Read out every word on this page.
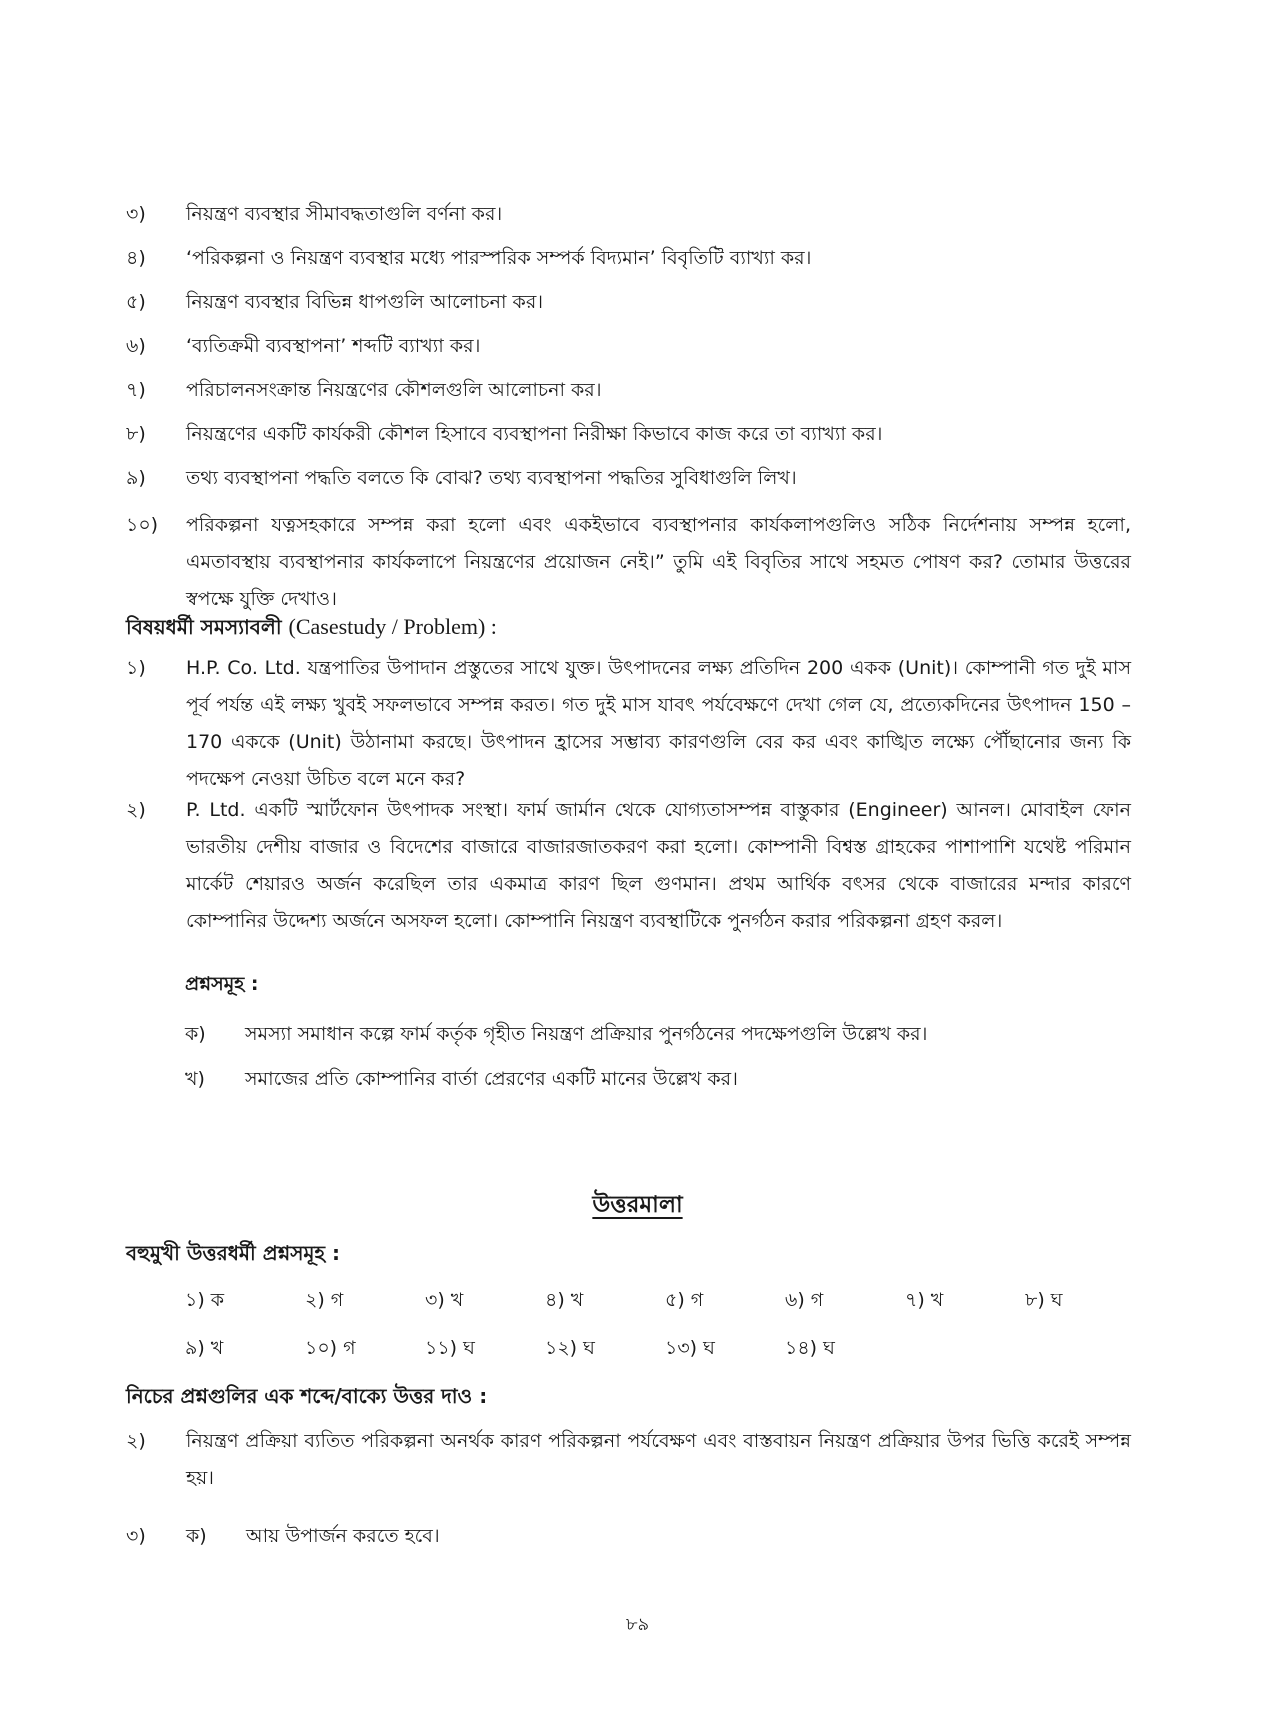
৩)	নিয়ন্ত্রণ ব্যবস্থার সীমাবদ্ধতাগুলি বর্ণনা কর।
৪)	‘পরিকল্পনা ও নিয়ন্ত্রণ ব্যবস্থার মধ্যে পারস্পরিক সম্পর্ক বিদ্যমান’ বিবৃতিটি ব্যাখ্যা কর।
৫)	নিয়ন্ত্রণ ব্যবস্থার বিভিন্ন ধাপগুলি আলোচনা কর।
৬)	‘ব্যতিক্রমী ব্যবস্থাপনা’ শব্দটি ব্যাখ্যা কর।
৭)	পরিচালনসংক্রান্ত নিয়ন্ত্রণের কৌশলগুলি আলোচনা কর।
৮)	নিয়ন্ত্রণের একটি কার্যকরী কৌশল হিসাবে ব্যবস্থাপনা নিরীক্ষা কিভাবে কাজ করে তা ব্যাখ্যা কর।
৯)	তথ্য ব্যবস্থাপনা পদ্ধতি বলতে কি বোঝ? তথ্য ব্যবস্থাপনা পদ্ধতির সুবিধাগুলি লিখ।
১০)	পরিকল্পনা যত্নসহকারে সম্পন্ন করা হলো এবং একইভাবে ব্যবস্থাপনার কার্যকলাপগুলিও সঠিক নির্দেশনায় সম্পন্ন হলো, এমতাবস্থায় ব্যবস্থাপনার কার্যকলাপে নিয়ন্ত্রণের প্রয়োজন নেই।” তুমি এই বিবৃতির সাথে সহমত পোষণ কর? তোমার উত্তরের স্বপক্ষে যুক্তি দেখাও।
বিষয়ধর্মী সমস্যাবলী (Casestudy / Problem) :
১)	H.P. Co. Ltd. যন্ত্রপাতির উপাদান প্রস্তুতের সাথে যুক্ত। উৎপাদনের লক্ষ্য প্রতিদিন 200 একক (Unit)। কোম্পানী গত দুই মাস পূর্ব পর্যন্ত এই লক্ষ্য খুবই সফলভাবে সম্পন্ন করত। গত দুই মাস যাবৎ পর্যবেক্ষণে দেখা গেল যে, প্রত্যেকদিনের উৎপাদন 150 – 170 এককে (Unit) উঠানামা করছে। উৎপাদন হ্রাসের সম্ভাব্য কারণগুলি বের কর এবং কাঙ্খিত লক্ষ্যে পৌঁছানোর জন্য কি পদক্ষেপ নেওয়া উচিত বলে মনে কর?
২)	P. Ltd. একটি স্মার্টফোন উৎপাদক সংস্থা। ফার্ম জার্মান থেকে যোগ্যতাসম্পন্ন বাস্তুকার (Engineer) আনল। মোবাইল ফোন ভারতীয় দেশীয় বাজার ও বিদেশের বাজারে বাজারজাতকরণ করা হলো। কোম্পানী বিশ্বস্ত গ্রাহকের পাশাপাশি যথেষ্ট পরিমান মার্কেট শেয়ারও অর্জন করেছিল তার একমাত্র কারণ ছিল গুণমান। প্রথম আর্থিক বৎসর থেকে বাজারের মন্দার কারণে কোম্পানির উদ্দেশ্য অর্জনে অসফল হলো। কোম্পানি নিয়ন্ত্রণ ব্যবস্থাটিকে পুনর্গঠন করার পরিকল্পনা গ্রহণ করল।
প্রশ্নসমূহ :
ক)	সমস্যা সমাধান কল্পে ফার্ম কর্তৃক গৃহীত নিয়ন্ত্রণ প্রক্রিয়ার পুনর্গঠনের পদক্ষেপগুলি উল্লেখ কর।
খ)	সমাজের প্রতি কোম্পানির বার্তা প্রেরণের একটি মানের উল্লেখ কর।
উত্তরমালা
বহুমুখী উত্তরধর্মী প্রশ্নসমূহ :
১) ক	২) গ	৩) খ	৪) খ	৫) গ	৬) গ	৭) খ	৮) ঘ
৯) খ	১০) গ	১১) ঘ	১২) ঘ	১৩) ঘ	১৪) ঘ
নিচের প্রশ্নগুলির এক শব্দে/বাক্যে উত্তর দাও :
২)	নিয়ন্ত্রণ প্রক্রিয়া ব্যতিত পরিকল্পনা অনর্থক কারণ পরিকল্পনা পর্যবেক্ষণ এবং বাস্তবায়ন নিয়ন্ত্রণ প্রক্রিয়ার উপর ভিত্তি করেই সম্পন্ন হয়।
৩)	ক)	আয় উপার্জন করতে হবে।
৮৯
